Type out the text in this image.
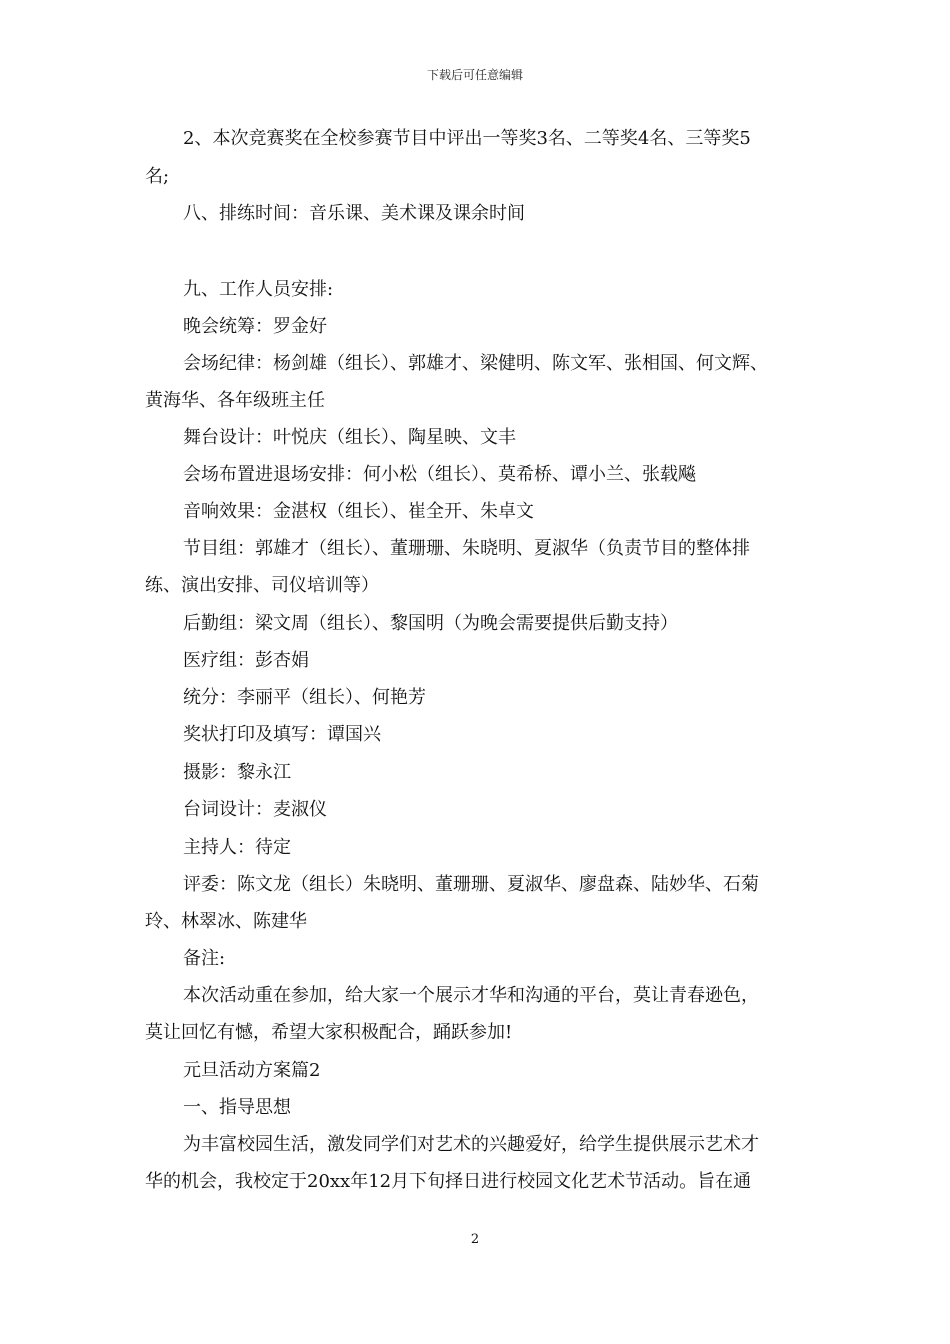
下载后可任意编辑
2、本次竞赛奖在全校参赛节目中评出一等奖3名、二等奖4名、三等奖5
名;
八、排练时间：音乐课、美术课及课余时间
九、工作人员安排:
晚会统筹：罗金好
会场纪律：杨剑雄（组长）、郭雄才、梁健明、陈文军、张相国、何文辉、
黄海华、各年级班主任
舞台设计：叶悦庆（组长）、陶星映、文丰
会场布置进退场安排：何小松（组长）、莫希桥、谭小兰、张载飚
音响效果：金湛权（组长）、崔全开、朱卓文
节目组：郭雄才（组长）、董珊珊、朱晓明、夏淑华（负责节目的整体排
练、演出安排、司仪培训等）
后勤组：梁文周（组长）、黎国明（为晚会需要提供后勤支持）
医疗组：彭杏娟
统分：李丽平（组长）、何艳芳
奖状打印及填写：谭国兴
摄影：黎永江
台词设计：麦淑仪
主持人：待定
评委：陈文龙（组长）朱晓明、董珊珊、夏淑华、廖盘森、陆妙华、石菊
玲、林翠冰、陈建华
备注:
本次活动重在参加，给大家一个展示才华和沟通的平台，莫让青春逊色，
莫让回忆有憾，希望大家积极配合，踊跃参加!
元旦活动方案篇2
一、指导思想
为丰富校园生活，激发同学们对艺术的兴趣爱好，给学生提供展示艺术才
华的机会，我校定于20xx年12月下旬择日进行校园文化艺术节活动。旨在通
2
